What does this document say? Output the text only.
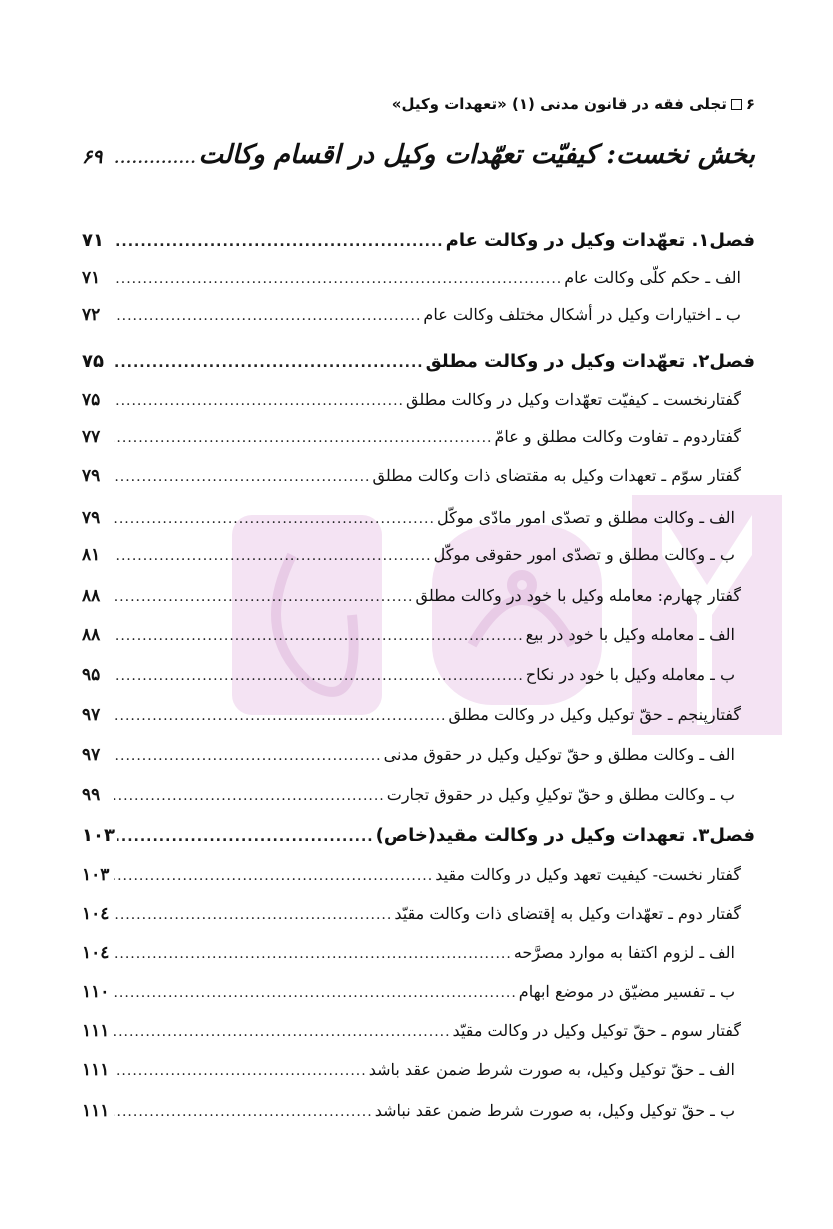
۶تجلی فقه در قانون مدنی (۱) «تعهدات وکیل»
بخش نخست: کیفیّت تعهّدات وکیل در اقسام وکالت
.....
۶۹
فصل۱. تعهّدات وکیل در وکالت عام
.....
۷۱
الف ـ حکم کلّی وکالت عام
.....
۷۱
ب ـ اختیارات وکیل در أشکال مختلف وکالت عام
.....
۷۲
فصل۲. تعهّدات وکیل در وکالت مطلق
.....
۷۵
گفتارنخست ـ کیفیّت تعهّدات وکیل در وکالت مطلق
.....
۷۵
گفتاردوم ـ تفاوت وکالت مطلق و عامّ
.....
۷۷
گفتار سوّم ـ تعهدات وکیل به مقتضای ذات وکالت مطلق
.....
۷۹
الف ـ وکالت مطلق و تصدّی امور مادّی موکّل
.....
۷۹
ب ـ وکالت مطلق و تصدّی امور حقوقی موکّل
.....
۸۱
گفتار چهارم: معامله وکیل با خود در وکالت مطلق
.....
۸۸
الف ـ معامله وکیل با خود در بیع
.....
۸۸
ب ـ معامله وکیل با خود در نکاح
.....
۹۵
گفتارپنجم ـ حقّ توکیل وکیل در وکالت مطلق
.....
۹۷
الف ـ وکالت مطلق و حقّ توکیل وکیل در حقوق مدنی
.....
۹۷
ب ـ وکالت مطلق و حقّ توکیلِ وکیل در حقوق تجارت
.....
۹۹
فصل۳. تعهدات وکیل در وکالت مقید(خاص)
.....
۱۰۳
گفتار نخست- کیفیت تعهد وکیل در وکالت مقید
.....
۱۰۳
گفتار دوم ـ تعهّدات وکیل به إقتضای ذات وکالت مقیّد
.....
۱۰٤
الف ـ لزوم اکتفا به موارد مصرَّحه
.....
۱۰٤
ب ـ تفسیر مضیّق در موضع ابهام
.....
۱۱۰
گفتار سوم ـ حقّ توکیل وکیل در وکالت مقیّد
.....
۱۱۱
الف ـ حقّ توکیل وکیل، به صورت شرط ضمن عقد باشد
.....
۱۱۱
ب ـ حقّ توکیل وکیل، به صورت شرط ضمن عقد نباشد
.....
۱۱۱
